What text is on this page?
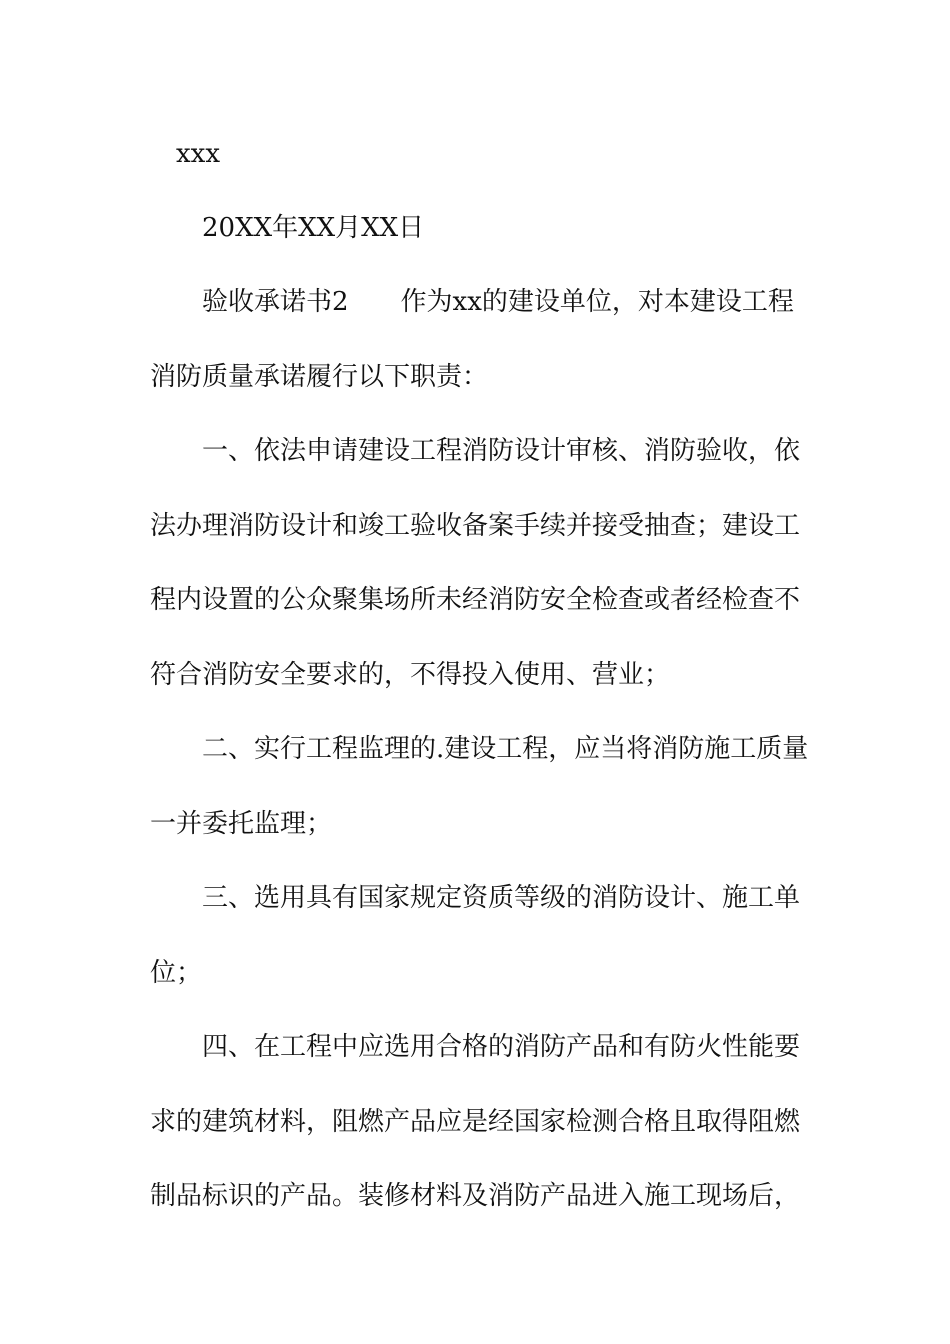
xxx
20XX年XX月XX日
验收承诺书2　　作为xx的建设单位，对本建设工程
消防质量承诺履行以下职责：
一、依法申请建设工程消防设计审核、消防验收，依
法办理消防设计和竣工验收备案手续并接受抽查；建设工
程内设置的公众聚集场所未经消防安全检查或者经检查不
符合消防安全要求的，不得投入使用、营业；
二、实行工程监理的.建设工程，应当将消防施工质量
一并委托监理；
三、选用具有国家规定资质等级的消防设计、施工单
位；
四、在工程中应选用合格的消防产品和有防火性能要
求的建筑材料，阻燃产品应是经国家检测合格且取得阻燃
制品标识的产品。装修材料及消防产品进入施工现场后，
